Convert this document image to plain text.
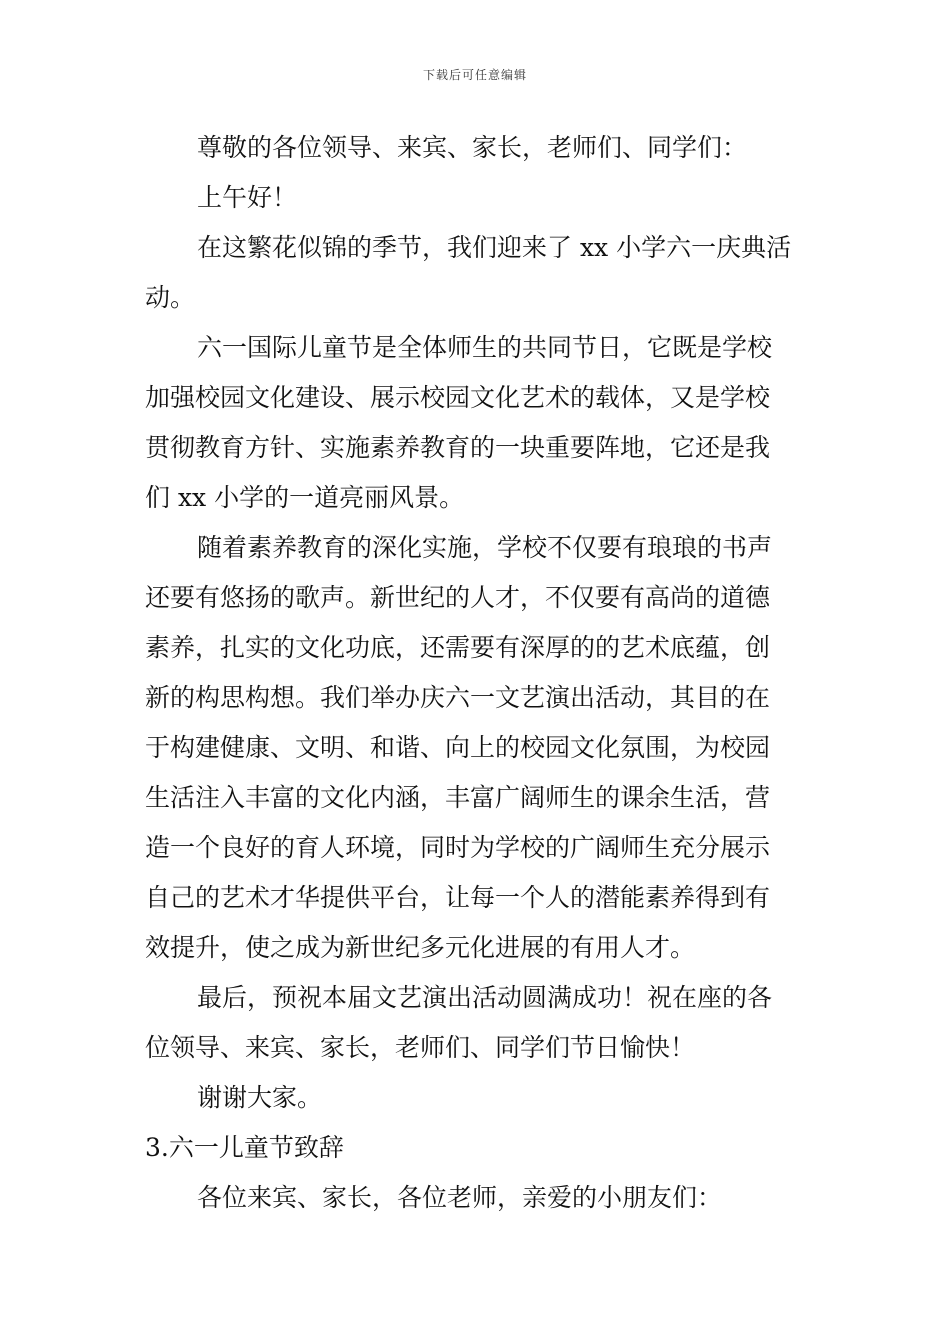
下载后可任意编辑

尊敬的各位领导、来宾、家长，老师们、同学们：

上午好！

在这繁花似锦的季节，我们迎来了 xx 小学六一庆典活
动。

六一国际儿童节是全体师生的共同节日，它既是学校
加强校园文化建设、展示校园文化艺术的载体，又是学校
贯彻教育方针、实施素养教育的一块重要阵地，它还是我
们 xx 小学的一道亮丽风景。

随着素养教育的深化实施，学校不仅要有琅琅的书声
还要有悠扬的歌声。新世纪的人才，不仅要有高尚的道德
素养，扎实的文化功底，还需要有深厚的的艺术底蕴，创
新的构思构想。我们举办庆六一文艺演出活动，其目的在
于构建健康、文明、和谐、向上的校园文化氛围，为校园
生活注入丰富的文化内涵，丰富广阔师生的课余生活，营
造一个良好的育人环境，同时为学校的广阔师生充分展示
自己的艺术才华提供平台，让每一个人的潜能素养得到有
效提升，使之成为新世纪多元化进展的有用人才。

最后，预祝本届文艺演出活动圆满成功！祝在座的各
位领导、来宾、家长，老师们、同学们节日愉快！

谢谢大家。

3.六一儿童节致辞

各位来宾、家长，各位老师，亲爱的小朋友们：
